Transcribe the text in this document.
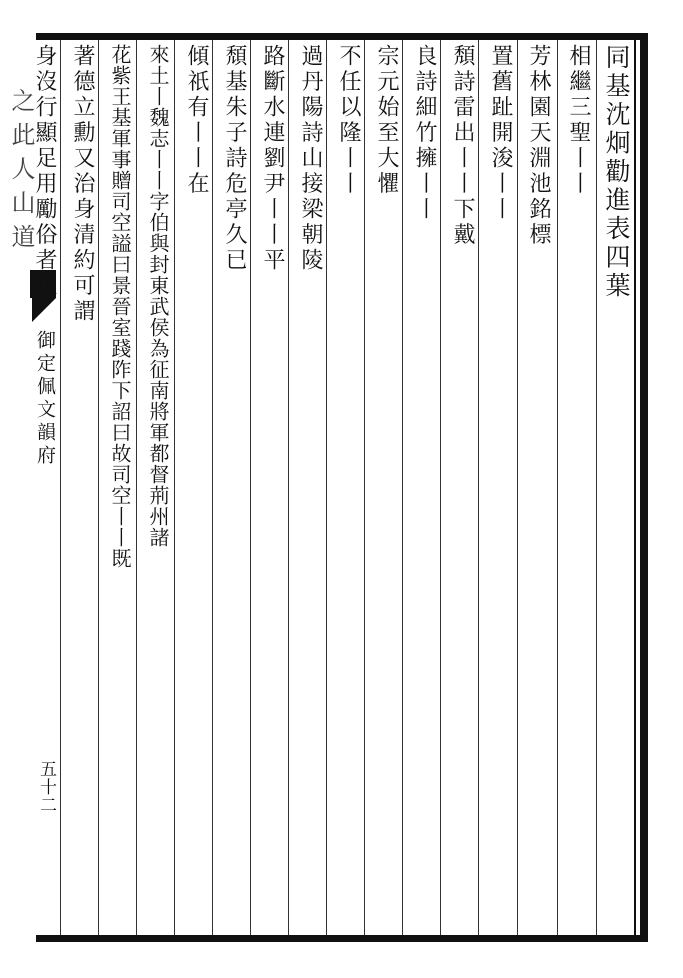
之此人山道
御定佩文韻府
五十二
同基沈炯勸進表四葉
相繼三聖丨丨
芳林園天淵池銘標
置舊趾開浚丨丨
頽詩雷出丨丨下戴
良詩細竹擁丨丨
宗元始至大懼
不任以隆丨丨
過丹陽詩山接梁朝陵
路斷水連劉尹丨丨平
頹基朱子詩危亭久已
傾祇有丨丨在
來土丨魏志丨丨字伯與封東武侯為征南將軍都督荊州諸
花紫王基軍事贈司空謚曰景晉室踐阼下詔曰故司空丨丨既
著德立勳又治身清約可謂
身沒行顯足用勵俗者也
